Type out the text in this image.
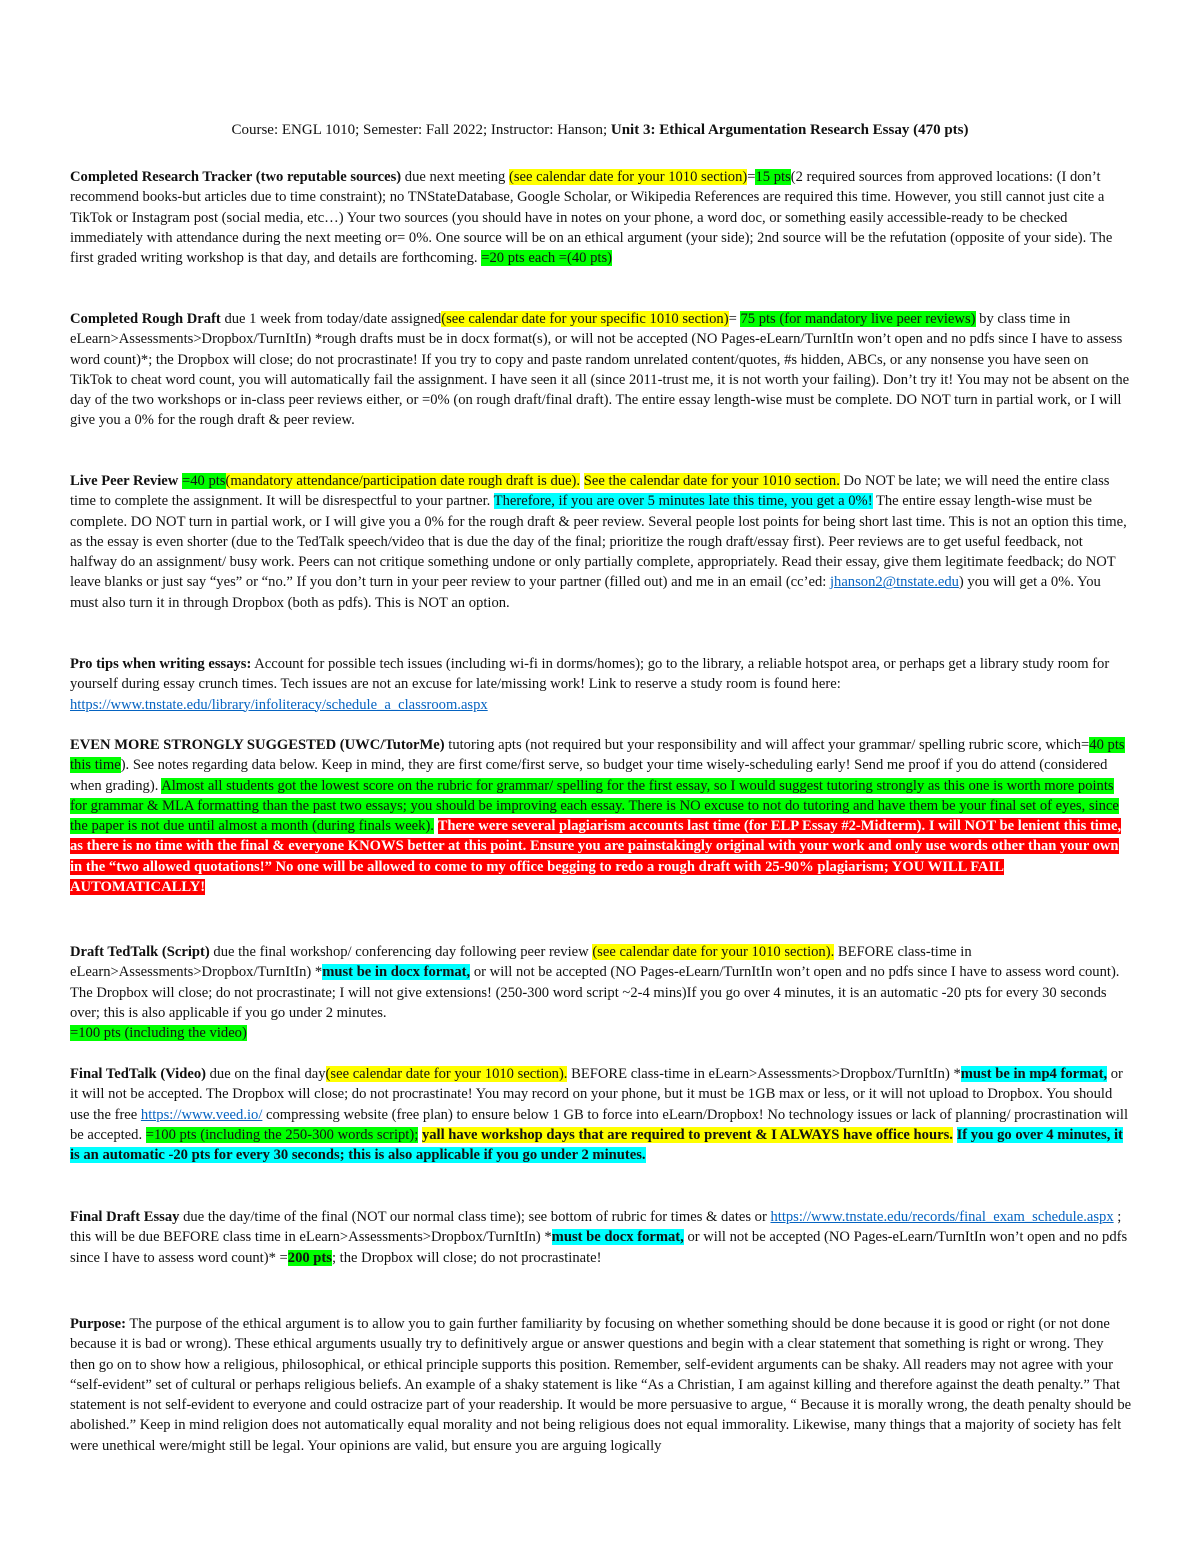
Course: ENGL 1010; Semester: Fall 2022; Instructor: Hanson; Unit 3: Ethical Argumentation Research Essay (470 pts)

Completed Research Tracker (two reputable sources) due next meeting (see calendar date for your 1010 section)=15 pts(2 required sources from approved locations: (I don’t recommend books-but articles due to time constraint); no TNStateDatabase, Google Scholar, or Wikipedia References are required this time. However, you still cannot just cite a TikTok or Instagram post (social media, etc…) Your two sources (you should have in notes on your phone, a word doc, or something easily accessible-ready to be checked immediately with attendance during the next meeting or= 0%. One source will be on an ethical argument (your side); 2nd source will be the refutation (opposite of your side). The first graded writing workshop is that day, and details are forthcoming. =20 pts each =(40 pts)

Completed Rough Draft due 1 week from today/date assigned(see calendar date for your specific 1010 section)= 75 pts (for mandatory live peer reviews) by class time in eLearn>Assessments>Dropbox/TurnItIn) *rough drafts must be in docx format(s), or will not be accepted (NO Pages-eLearn/TurnItIn won’t open and no pdfs since I have to assess word count)*; the Dropbox will close; do not procrastinate! If you try to copy and paste random unrelated content/quotes, #s hidden, ABCs, or any nonsense you have seen on TikTok to cheat word count, you will automatically fail the assignment. I have seen it all (since 2011-trust me, it is not worth your failing). Don’t try it! You may not be absent on the day of the two workshops or in-class peer reviews either, or =0% (on rough draft/final draft). The entire essay length-wise must be complete. DO NOT turn in partial work, or I will give you a 0% for the rough draft & peer review.

Live Peer Review =40 pts(mandatory attendance/participation date rough draft is due). See the calendar date for your 1010 section. Do NOT be late; we will need the entire class time to complete the assignment. It will be disrespectful to your partner. Therefore, if you are over 5 minutes late this time, you get a 0%! The entire essay length-wise must be complete. DO NOT turn in partial work, or I will give you a 0% for the rough draft & peer review. Several people lost points for being short last time. This is not an option this time, as the essay is even shorter (due to the TedTalk speech/video that is due the day of the final; prioritize the rough draft/essay first). Peer reviews are to get useful feedback, not halfway do an assignment/ busy work. Peers can not critique something undone or only partially complete, appropriately. Read their essay, give them legitimate feedback; do NOT leave blanks or just say “yes” or “no.” If you don’t turn in your peer review to your partner (filled out) and me in an email (cc’ed: jhanson2@tnstate.edu) you will get a 0%. You must also turn it in through Dropbox (both as pdfs). This is NOT an option.

Pro tips when writing essays: Account for possible tech issues (including wi-fi in dorms/homes); go to the library, a reliable hotspot area, or perhaps get a library study room for yourself during essay crunch times. Tech issues are not an excuse for late/missing work! Link to reserve a study room is found here: https://www.tnstate.edu/library/infoliteracy/schedule_a_classroom.aspx

EVEN MORE STRONGLY SUGGESTED (UWC/TutorMe) tutoring apts (not required but your responsibility and will affect your grammar/ spelling rubric score, which=40 pts this time). See notes regarding data below. Keep in mind, they are first come/first serve, so budget your time wisely-scheduling early! Send me proof if you do attend (considered when grading). Almost all students got the lowest score on the rubric for grammar/ spelling for the first essay, so I would suggest tutoring strongly as this one is worth more points for grammar & MLA formatting than the past two essays; you should be improving each essay. There is NO excuse to not do tutoring and have them be your final set of eyes, since the paper is not due until almost a month (during finals week). There were several plagiarism accounts last time (for ELP Essay #2-Midterm). I will NOT be lenient this time, as there is no time with the final & everyone KNOWS better at this point. Ensure you are painstakingly original with your work and only use words other than your own in the “two allowed quotations!” No one will be allowed to come to my office begging to redo a rough draft with 25-90% plagiarism; YOU WILL FAIL AUTOMATICALLY!

Draft TedTalk (Script) due the final workshop/ conferencing day following peer review (see calendar date for your 1010 section). BEFORE class-time in eLearn>Assessments>Dropbox/TurnItIn) *must be in docx format, or will not be accepted (NO Pages-eLearn/TurnItIn won’t open and no pdfs since I have to assess word count). The Dropbox will close; do not procrastinate; I will not give extensions! (250-300 word script ~2-4 mins)If you go over 4 minutes, it is an automatic -20 pts for every 30 seconds over; this is also applicable if you go under 2 minutes.
=100 pts (including the video)

Final TedTalk (Video) due on the final day(see calendar date for your 1010 section). BEFORE class-time in eLearn>Assessments>Dropbox/TurnItIn) *must be in mp4 format, or it will not be accepted. The Dropbox will close; do not procrastinate! You may record on your phone, but it must be 1GB max or less, or it will not upload to Dropbox. You should use the free https://www.veed.io/ compressing website (free plan) to ensure below 1 GB to force into eLearn/Dropbox! No technology issues or lack of planning/ procrastination will be accepted. =100 pts (including the 250-300 words script); yall have workshop days that are required to prevent & I ALWAYS have office hours. If you go over 4 minutes, it is an automatic -20 pts for every 30 seconds; this is also applicable if you go under 2 minutes.

Final Draft Essay due the day/time of the final (NOT our normal class time); see bottom of rubric for times & dates or https://www.tnstate.edu/records/final_exam_schedule.aspx ; this will be due BEFORE class time in eLearn>Assessments>Dropbox/TurnItIn) *must be docx format, or will not be accepted (NO Pages-eLearn/TurnItIn won’t open and no pdfs since I have to assess word count)* =200 pts; the Dropbox will close; do not procrastinate!

Purpose: The purpose of the ethical argument is to allow you to gain further familiarity by focusing on whether something should be done because it is good or right (or not done because it is bad or wrong). These ethical arguments usually try to definitively argue or answer questions and begin with a clear statement that something is right or wrong. They then go on to show how a religious, philosophical, or ethical principle supports this position. Remember, self-evident arguments can be shaky. All readers may not agree with your “self-evident” set of cultural or perhaps religious beliefs. An example of a shaky statement is like “As a Christian, I am against killing and therefore against the death penalty.” That statement is not self-evident to everyone and could ostracize part of your readership. It would be more persuasive to argue, “ Because it is morally wrong, the death penalty should be abolished.” Keep in mind religion does not automatically equal morality and not being religious does not equal immorality. Likewise, many things that a majority of society has felt were unethical were/might still be legal. Your opinions are valid, but ensure you are arguing logically
